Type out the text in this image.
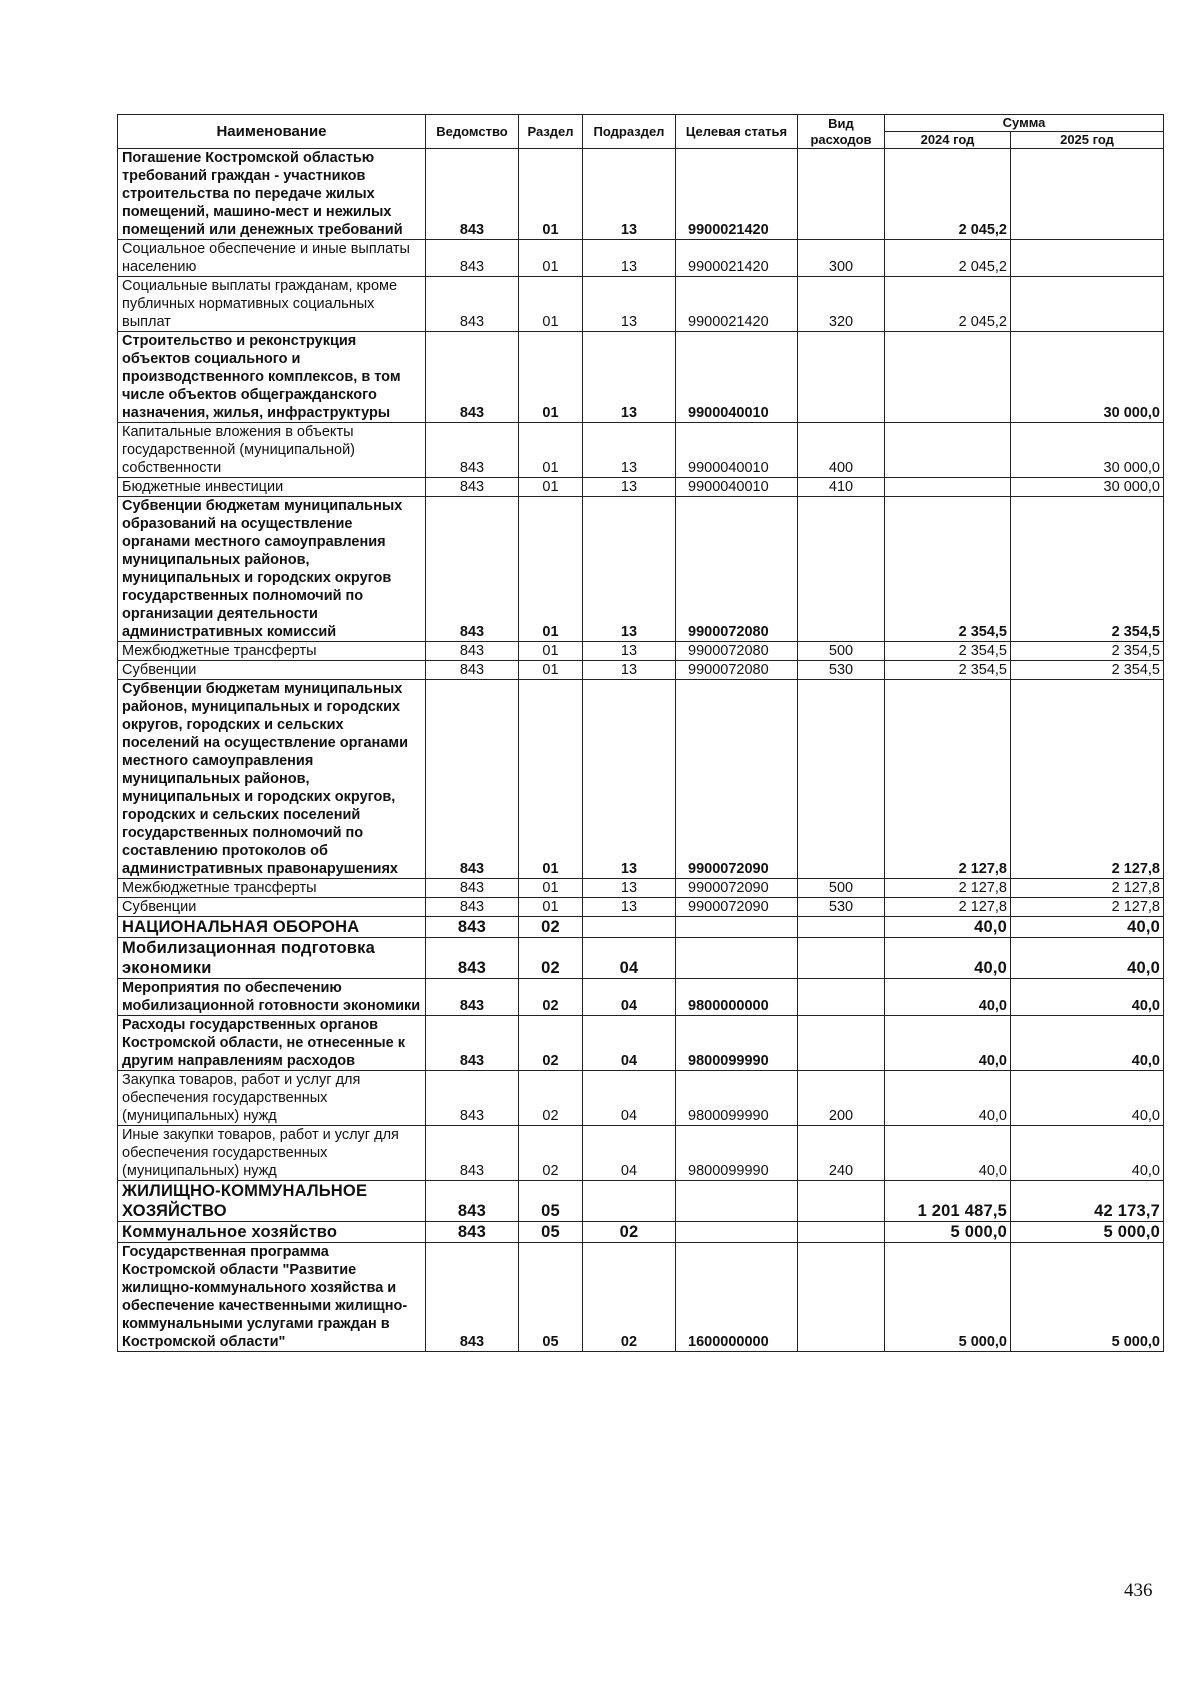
Наименование	Ведомство	Раздел	Подраздел	Целевая статья	Вид расходов	Сумма	
						2024 год	2025 год
Погашение Костромской областью требований граждан - участников строительства по передаче жилых помещений, машино-мест и нежилых помещений или денежных требований	843	01	13	9900021420		2 045,2	
Социальное обеспечение и иные выплаты населению	843	01	13	9900021420	300	2 045,2	
Социальные выплаты гражданам, кроме публичных нормативных социальных выплат	843	01	13	9900021420	320	2 045,2	
Строительство и реконструкция объектов социального и производственного комплексов, в том числе объектов общегражданского назначения, жилья, инфраструктуры	843	01	13	9900040010			30 000,0
Капитальные вложения в объекты государственной (муниципальной) собственности	843	01	13	9900040010	400		30 000,0
Бюджетные инвестиции	843	01	13	9900040010	410		30 000,0
Субвенции бюджетам муниципальных образований на осуществление органами местного самоуправления муниципальных районов, муниципальных и городских округов государственных полномочий по организации деятельности административных комиссий	843	01	13	9900072080		2 354,5	2 354,5
Межбюджетные трансферты	843	01	13	9900072080	500	2 354,5	2 354,5
Субвенции	843	01	13	9900072080	530	2 354,5	2 354,5
Субвенции бюджетам муниципальных районов, муниципальных и городских округов, городских и сельских поселений на осуществление органами местного самоуправления муниципальных районов, муниципальных и городских округов, городских и сельских поселений государственных полномочий по составлению протоколов об административных правонарушениях	843	01	13	9900072090		2 127,8	2 127,8
Межбюджетные трансферты	843	01	13	9900072090	500	2 127,8	2 127,8
Субвенции	843	01	13	9900072090	530	2 127,8	2 127,8
НАЦИОНАЛЬНАЯ ОБОРОНА	843	02				40,0	40,0
Мобилизационная подготовка экономики	843	02	04			40,0	40,0
Мероприятия по обеспечению мобилизационной готовности экономики	843	02	04	9800000000		40,0	40,0
Расходы государственных органов Костромской области, не отнесенные к другим направлениям расходов	843	02	04	9800099990		40,0	40,0
Закупка товаров, работ и услуг для обеспечения государственных (муниципальных) нужд	843	02	04	9800099990	200	40,0	40,0
Иные закупки товаров, работ и услуг для обеспечения государственных (муниципальных) нужд	843	02	04	9800099990	240	40,0	40,0
ЖИЛИЩНО-КОММУНАЛЬНОЕ ХОЗЯЙСТВО	843	05				1 201 487,5	42 173,7
Коммунальное хозяйство	843	05	02			5 000,0	5 000,0
Государственная программа Костромской области "Развитие жилищно-коммунального хозяйства и обеспечение качественными жилищно-коммунальными услугами граждан в Костромской области"	843	05	02	1600000000		5 000,0	5 000,0
436
